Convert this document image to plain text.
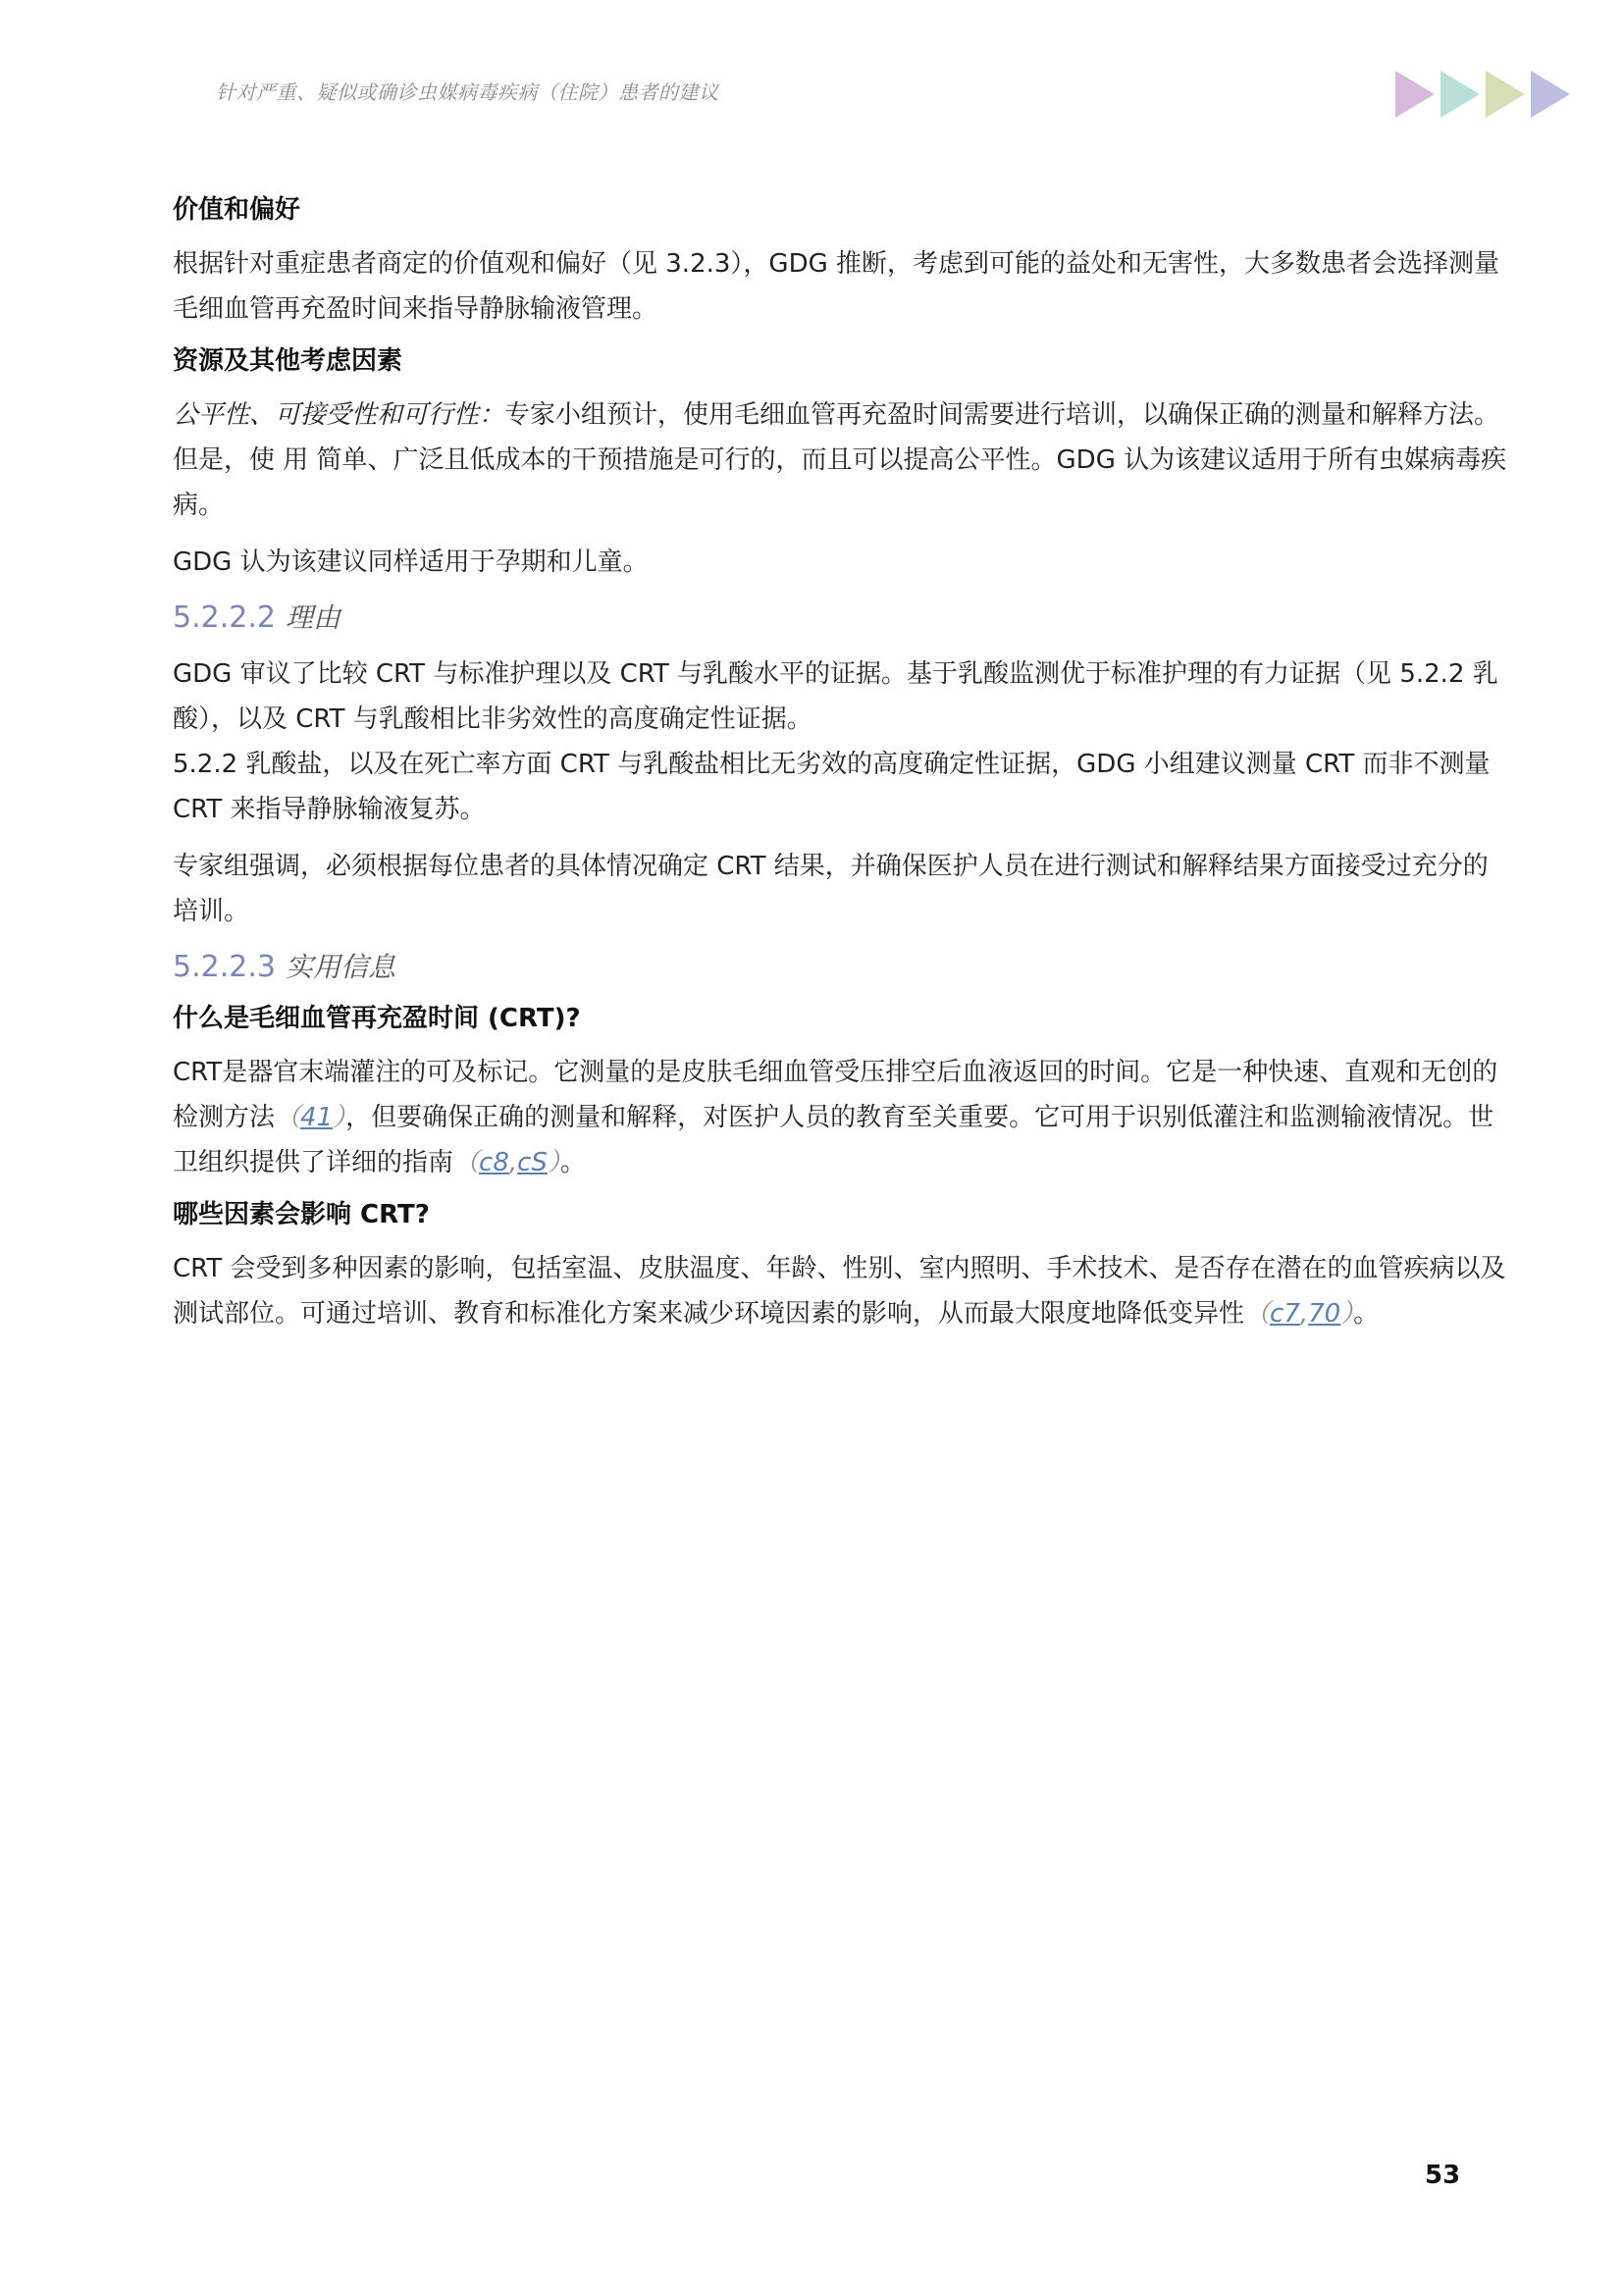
针对严重、疑似或确诊虫媒病毒疾病（住院）患者的建议
价值和偏好
根据针对重症患者商定的价值观和偏好（见 3.2.3），GDG 推断，考虑到可能的益处和无害性，大多数患者会选择测量毛细血管再充盈时间来指导静脉输液管理。
资源及其他考虑因素
公平性、可接受性和可行性：专家小组预计，使用毛细血管再充盈时间需要进行培训，以确保正确的测量和解释方法。但是，使 用 简单、广泛且低成本的干预措施是可行的，而且可以提高公平性。GDG 认为该建议适用于所有虫媒病毒疾病。
GDG 认为该建议同样适用于孕期和儿童。
5.2.2.2 理由
GDG 审议了比较 CRT 与标准护理以及 CRT 与乳酸水平的证据。基于乳酸监测优于标准护理的有力证据（见 5.2.2 乳酸），以及 CRT 与乳酸相比非劣效性的高度确定性证据。
5.2.2 乳酸盐，以及在死亡率方面 CRT 与乳酸盐相比无劣效的高度确定性证据，GDG 小组建议测量 CRT 而非不测量 CRT 来指导静脉输液复苏。
专家组强调，必须根据每位患者的具体情况确定 CRT 结果，并确保医护人员在进行测试和解释结果方面接受过充分的培训。
5.2.2.3 实用信息
什么是毛细血管再充盈时间 (CRT)?
CRT是器官末端灌注的可及标记。它测量的是皮肤毛细血管受压排空后血液返回的时间。它是一种快速、直观和无创的检测方法（41），但要确保正确的测量和解释，对医护人员的教育至关重要。它可用于识别低灌注和监测输液情况。世卫组织提供了详细的指南（c8,cS）。
哪些因素会影响 CRT?
CRT 会受到多种因素的影响，包括室温、皮肤温度、年龄、性别、室内照明、手术技术、是否存在潜在的血管疾病以及测试部位。可通过培训、教育和标准化方案来减少环境因素的影响，从而最大限度地降低变异性（c7,70）。
53
